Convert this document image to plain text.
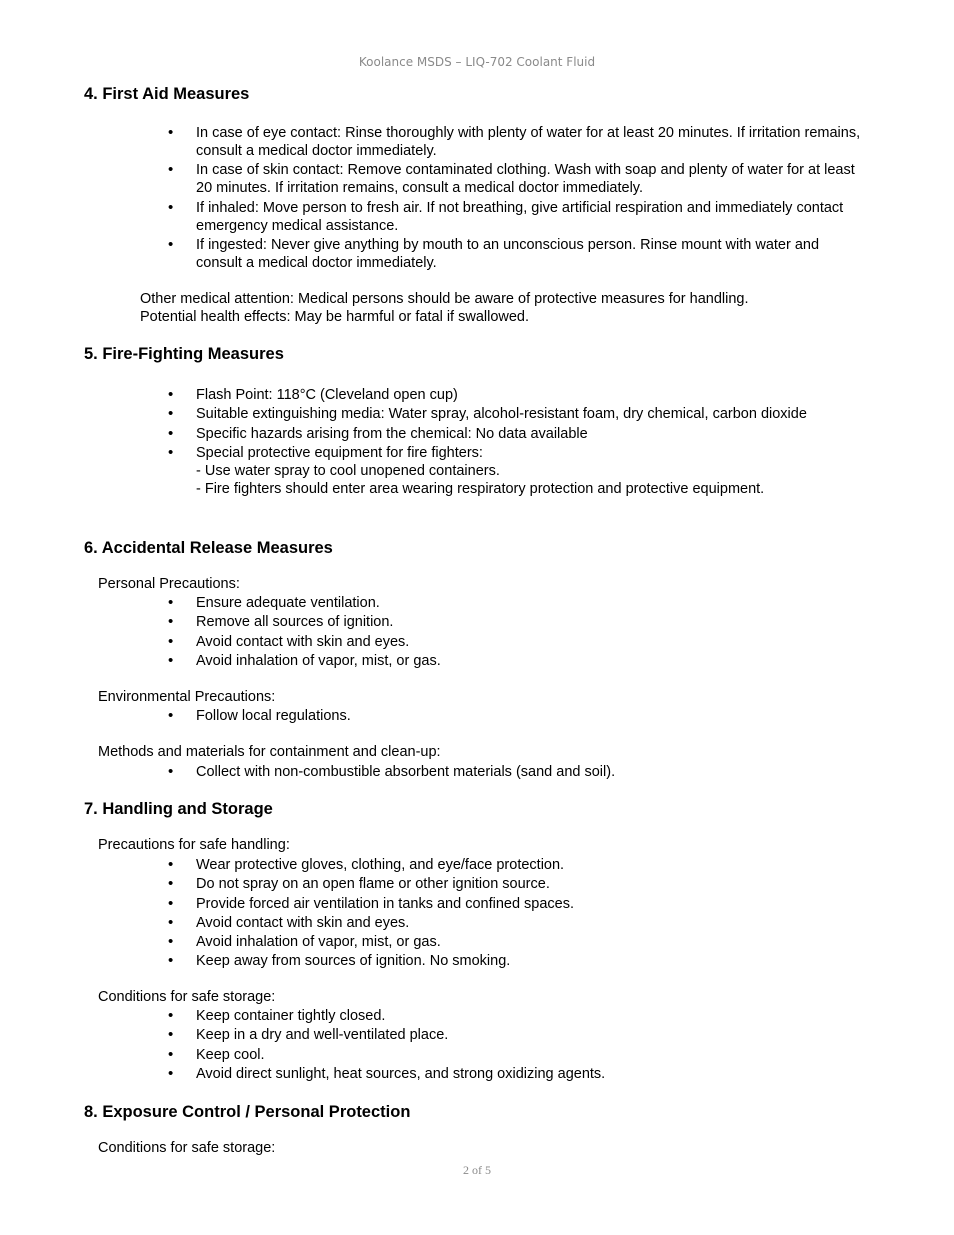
Koolance MSDS – LIQ-702 Coolant Fluid
4. First Aid Measures
• In case of eye contact: Rinse thoroughly with plenty of water for at least 20 minutes. If irritation remains, consult a medical doctor immediately.
• In case of skin contact: Remove contaminated clothing. Wash with soap and plenty of water for at least 20 minutes. If irritation remains, consult a medical doctor immediately.
• If inhaled: Move person to fresh air. If not breathing, give artificial respiration and immediately contact emergency medical assistance.
• If ingested: Never give anything by mouth to an unconscious person. Rinse mount with water and consult a medical doctor immediately.
Other medical attention: Medical persons should be aware of protective measures for handling.
Potential health effects: May be harmful or fatal if swallowed.
5. Fire-Fighting Measures
• Flash Point: 118°C (Cleveland open cup)
• Suitable extinguishing media: Water spray, alcohol-resistant foam, dry chemical, carbon dioxide
• Specific hazards arising from the chemical: No data available
• Special protective equipment for fire fighters:
- Use water spray to cool unopened containers.
- Fire fighters should enter area wearing respiratory protection and protective equipment.
6. Accidental Release Measures
Personal Precautions:
• Ensure adequate ventilation.
• Remove all sources of ignition.
• Avoid contact with skin and eyes.
• Avoid inhalation of vapor, mist, or gas.
Environmental Precautions:
• Follow local regulations.
Methods and materials for containment and clean-up:
• Collect with non-combustible absorbent materials (sand and soil).
7. Handling and Storage
Precautions for safe handling:
• Wear protective gloves, clothing, and eye/face protection.
• Do not spray on an open flame or other ignition source.
• Provide forced air ventilation in tanks and confined spaces.
• Avoid contact with skin and eyes.
• Avoid inhalation of vapor, mist, or gas.
• Keep away from sources of ignition. No smoking.
Conditions for safe storage:
• Keep container tightly closed.
• Keep in a dry and well-ventilated place.
• Keep cool.
• Avoid direct sunlight, heat sources, and strong oxidizing agents.
8. Exposure Control / Personal Protection
Conditions for safe storage:
2 of 5
